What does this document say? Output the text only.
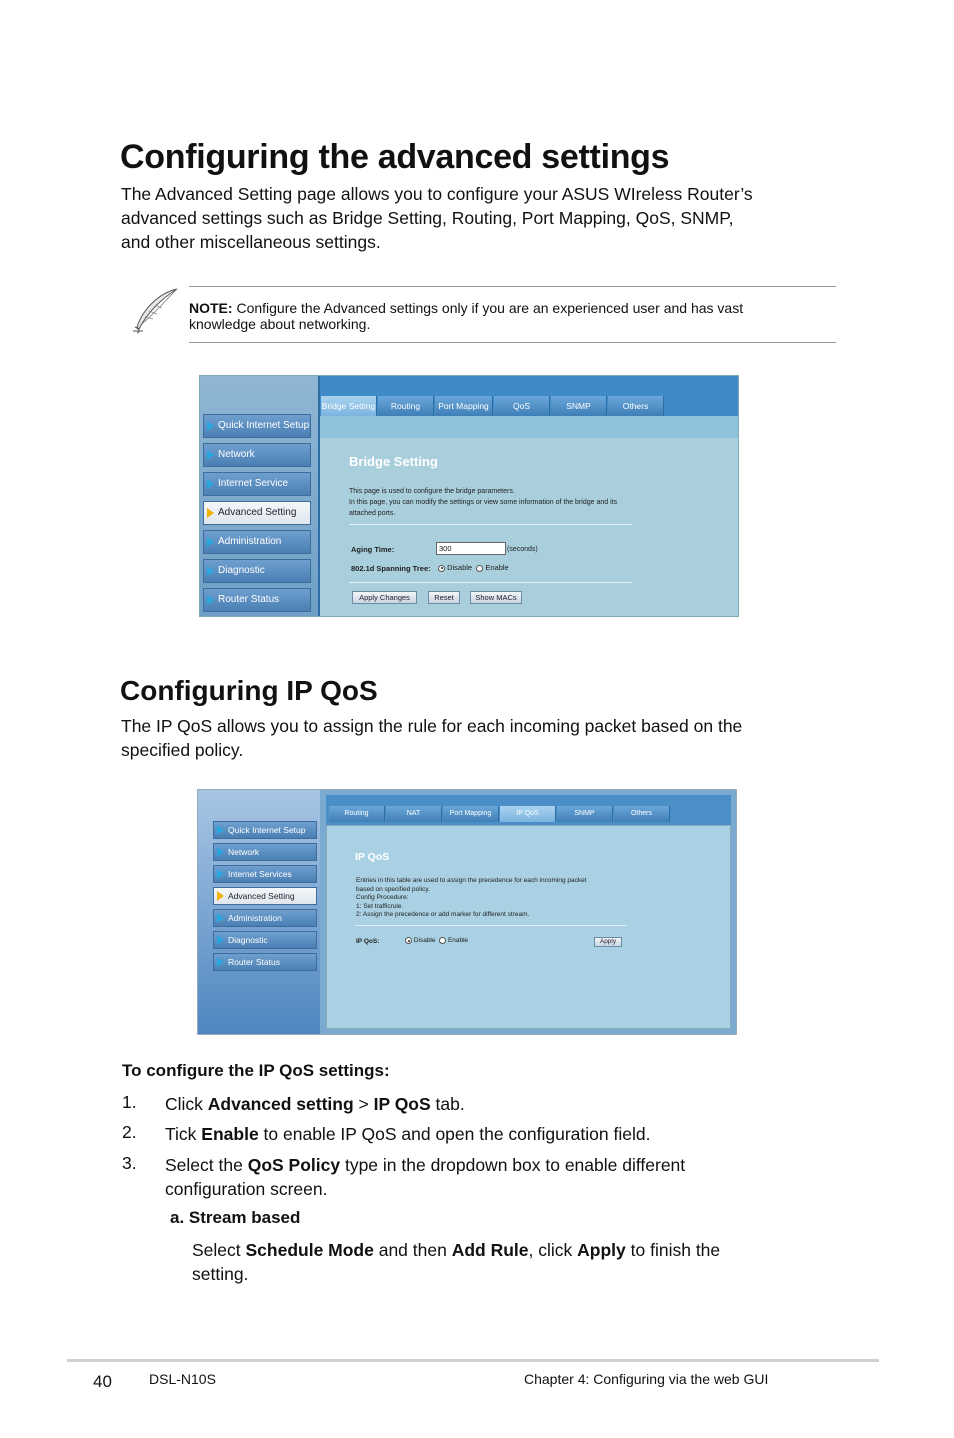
Configuring the advanced settings
The Advanced Setting page allows you to configure your ASUS WIreless Router’s
advanced settings such as Bridge Setting, Routing, Port Mapping, QoS, SNMP,
and other miscellaneous settings.
NOTE: Configure the Advanced settings only if you are an experienced user and has vast
knowledge about networking.
Quick Internet Setup
Network
Internet Service
Advanced Setting
Administration
Diagnostic
Router Status
Bridge Setting	Routing	Port Mapping	QoS	SNMP	Others
Bridge Setting
This page is used to configure the bridge parameters.
In this page, you can modify the settings or view some information of the bridge and its
attached ports.
Aging Time:	300	(seconds)
802.1d Spanning Tree:	Disable Enable
Apply Changes	Reset	Show MACs
Configuring IP QoS
The IP QoS allows you to assign the rule for each incoming packet based on the
specified policy.
Quick Internet Setup
Network
Internet Services
Advanced Setting
Administration
Diagnostic
Router Status
Routing	NAT	Port Mapping	IP QoS	SNMP	Others
IP QoS
Entries in this table are used to assign the precedence for each incoming packet
based on specified policy.
Config Procedure:
1: Set trafficrule.
2: Assign the precedence or add marker for different stream.
IP QoS:	Disable Enable	Apply
To configure the IP QoS settings:
1. Click Advanced setting > IP QoS tab.
2. Tick Enable to enable IP QoS and open the configuration field.
3. Select the QoS Policy type in the dropdown box to enable different
configuration screen.
a. Stream based
Select Schedule Mode and then Add Rule, click Apply to finish the
setting.
40	DSL-N10S	Chapter 4: Configuring via the web GUI
